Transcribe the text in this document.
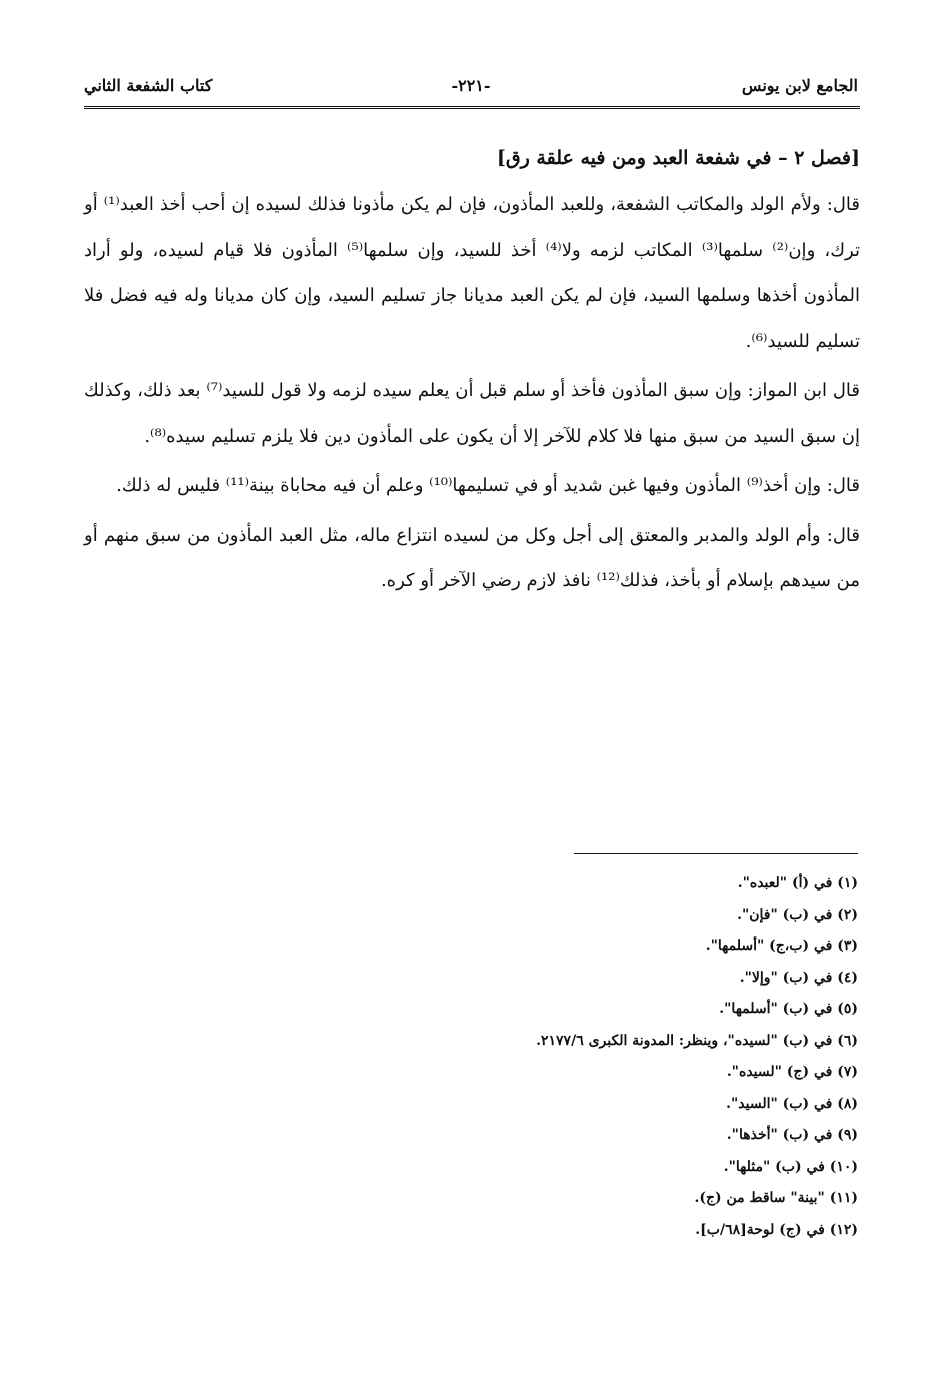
الجامع لابن يونس
-٢٢١-
كتاب الشفعة الثاني
[فصل ٢ – في شفعة العبد ومن فيه علقة رق]

قال: ولأم الولد والمكاتب الشفعة، وللعبد المأذون، فإن لم يكن مأذونا فذلك لسيده إن أحب أخذ العبد⁽¹⁾ أو ترك، وإن⁽²⁾ سلمها⁽³⁾ المكاتب لزمه ولا⁽⁴⁾ أخذ للسيد، وإن سلمها⁽⁵⁾ المأذون فلا قيام لسيده، ولو أراد المأذون أخذها وسلمها السيد، فإن لم يكن العبد مديانا جاز تسليم السيد، وإن كان مديانا وله فيه فضل فلا تسليم للسيد⁽⁶⁾.

قال ابن المواز: وإن سبق المأذون فأخذ أو سلم قبل أن يعلم سيده لزمه ولا قول للسيد⁽⁷⁾ بعد ذلك، وكذلك إن سبق السيد من سبق منها فلا كلام للآخر إلا أن يكون على المأذون دين فلا يلزم تسليم سيده⁽⁸⁾.

قال: وإن أخذ⁽⁹⁾ المأذون وفيها غبن شديد أو في تسليمها⁽¹⁰⁾ وعلم أن فيه محاباة بينة⁽¹¹⁾ فليس له ذلك.

قال: وأم الولد والمدبر والمعتق إلى أجل وكل من لسيده انتزاع ماله، مثل العبد المأذون من سبق منهم أو من سيدهم بإسلام أو بأخذ، فذلك⁽¹²⁾ نافذ لازم رضي الآخر أو كره.

(١) في (أ) "لعبده".
(٢) في (ب) "فإن".
(٣) في (ب،ج) "أسلمها".
(٤) في (ب) "وإلا".
(٥) في (ب) "أسلمها".
(٦) في (ب) "لسيده"، وينظر: المدونة الكبرى ٢١٧٧/٦.
(٧) في (ج) "لسيده".
(٨) في (ب) "السيد".
(٩) في (ب) "أخذها".
(١٠) في (ب) "مثلها".
(١١) "بينة" ساقط من (ج).
(١٢) في (ج) لوحة[٦٨/ب].
